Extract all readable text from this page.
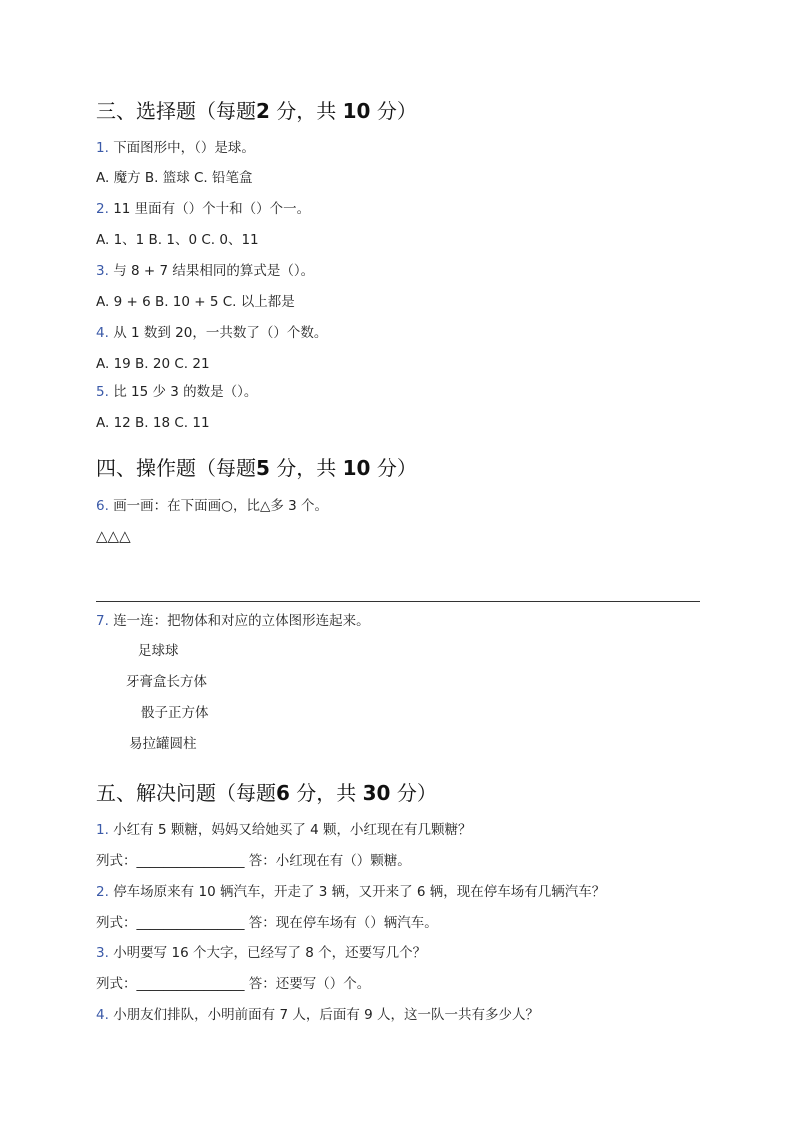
三、选择题（每题2 分，共 10 分）
1. 下面图形中，（）是球。
A. 魔方 B. 篮球 C. 铅笔盒
2. 11 里面有（）个十和（）个一。
A. 1、1 B. 1、0 C. 0、11
3. 与 8 + 7 结果相同的算式是（）。
A. 9 + 6 B. 10 + 5 C. 以上都是
4. 从 1 数到 20，一共数了（）个数。
A. 19 B. 20 C. 21
5. 比 15 少 3 的数是（）。
A. 12 B. 18 C. 11
四、操作题（每题5 分，共 10 分）
6. 画一画：在下面画○，比△多 3 个。
△△△
7. 连一连：把物体和对应的立体图形连起来。
足球球
牙膏盒长方体
骰子正方体
易拉罐圆柱
五、解决问题（每题6 分，共 30 分）
1. 小红有 5 颗糖，妈妈又给她买了 4 颗，小红现在有几颗糖？
列式：________________ 答：小红现在有（）颗糖。
2. 停车场原来有 10 辆汽车，开走了 3 辆，又开来了 6 辆，现在停车场有几辆汽车？
列式：________________ 答：现在停车场有（）辆汽车。
3. 小明要写 16 个大字，已经写了 8 个，还要写几个？
列式：________________ 答：还要写（）个。
4. 小朋友们排队，小明前面有 7 人，后面有 9 人，这一队一共有多少人？
